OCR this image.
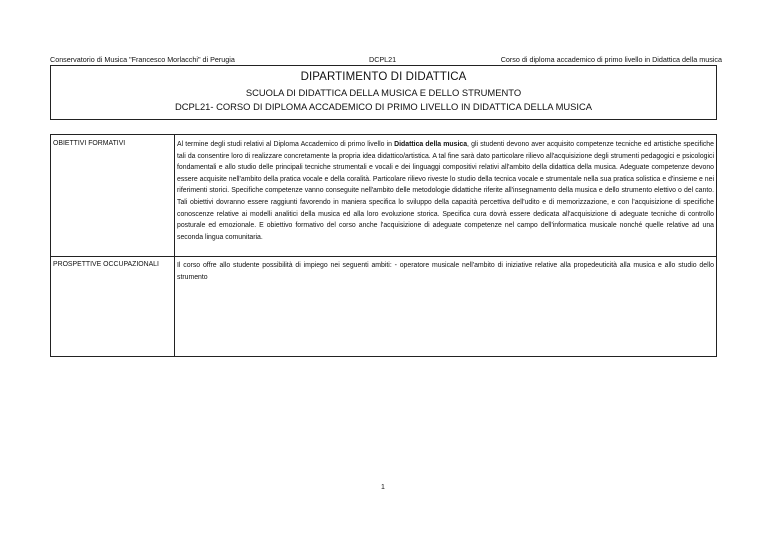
Conservatorio di Musica "Francesco Morlacchi" di Perugia	DCPL21	Corso di diploma accademico di primo livello in Didattica della musica
DIPARTIMENTO DI DIDATTICA
SCUOLA DI DIDATTICA DELLA MUSICA E DELLO STRUMENTO
DCPL21- CORSO DI DIPLOMA ACCADEMICO DI PRIMO LIVELLO IN DIDATTICA DELLA MUSICA
OBIETTIVI FORMATIVI	Al termine degli studi relativi al Diploma Accademico di primo livello in Didattica della musica, gli studenti devono aver acquisito competenze tecniche ed artistiche specifiche tali da consentire loro di realizzare concretamente la propria idea didattico/artistica. A tal fine sarà dato particolare rilievo all'acquisizione degli strumenti pedagogici e psicologici fondamentali e allo studio delle principali tecniche strumentali e vocali e dei linguaggi compositivi relativi all'ambito della didattica della musica. Adeguate competenze devono essere acquisite nell'ambito della pratica vocale e della coralità. Particolare rilievo riveste lo studio della tecnica vocale e strumentale nella sua pratica solistica e d'insieme e nei riferimenti storici. Specifiche competenze vanno conseguite nell'ambito delle metodologie didattiche riferite all'insegnamento della musica e dello strumento elettivo o del canto. Tali obiettivi dovranno essere raggiunti favorendo in maniera specifica lo sviluppo della capacità percettiva dell'udito e di memorizzazione, e con l'acquisizione di specifiche conoscenze relative ai modelli analitici della musica ed alla loro evoluzione storica. Specifica cura dovrà essere dedicata all'acquisizione di adeguate tecniche di controllo posturale ed emozionale. E obiettivo formativo del corso anche l'acquisizione di adeguate competenze nel campo dell'informatica musicale nonché quelle relative ad una seconda lingua comunitaria.
PROSPETTIVE OCCUPAZIONALI	Il corso offre allo studente possibilità di impiego nei seguenti ambiti: - operatore musicale nell'ambito di iniziative relative alla propedeuticità alla musica e allo studio dello strumento
1
